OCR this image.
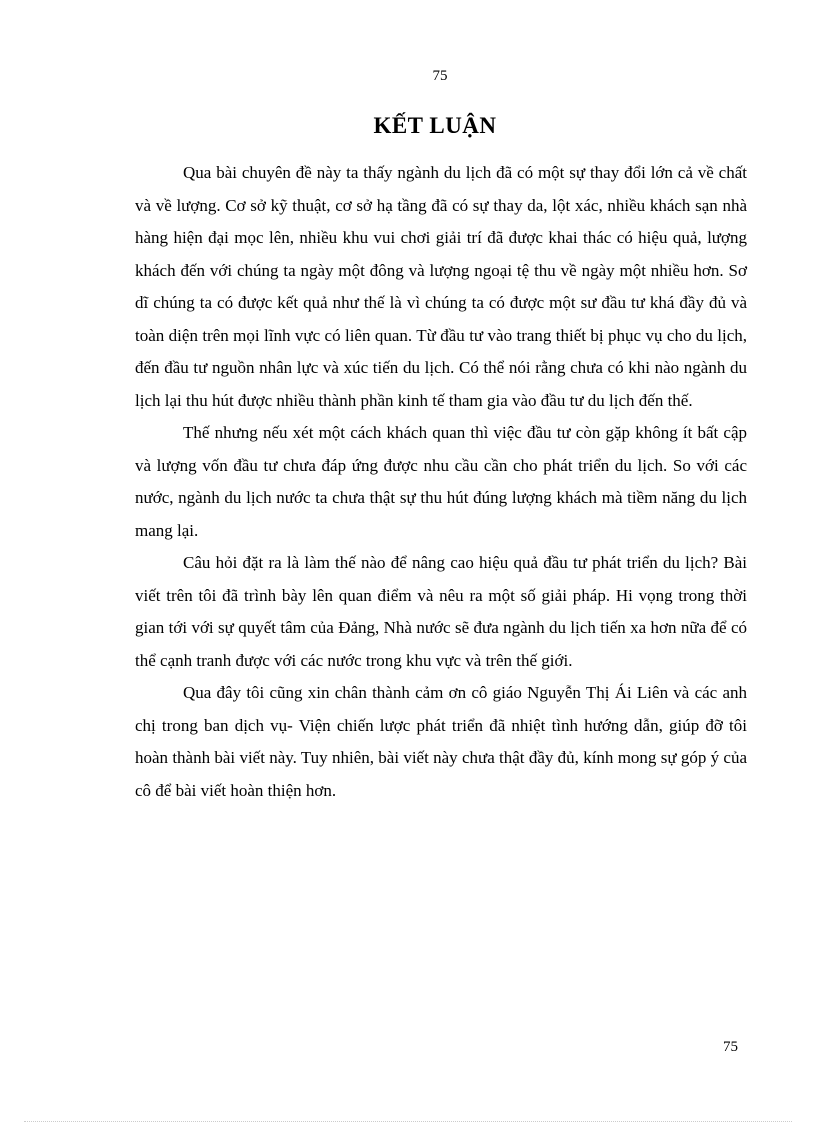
75
KẾT LUẬN

Qua bài chuyên đề này ta thấy ngành du lịch đã có một sự thay đổi lớn cả về chất và về lượng. Cơ sở kỹ thuật, cơ sở hạ tầng đã có sự thay da, lột xác, nhiều khách sạn nhà hàng hiện đại mọc lên, nhiều khu vui chơi giải trí đã được khai thác có hiệu quả, lượng khách đến với chúng ta ngày một đông và lượng ngoại tệ thu về ngày một nhiều hơn. Sơ dĩ chúng ta có được kết quả như thế là vì chúng ta có được một sư đầu tư khá đầy đủ và toàn diện trên mọi lĩnh vực có liên quan. Từ đầu tư vào trang thiết bị phục vụ cho du lịch, đến đầu tư nguồn nhân lực và xúc tiến du lịch. Có thể nói rằng chưa có khi nào ngành du lịch lại thu hút được nhiều thành phần kinh tế tham gia vào đầu tư du lịch đến thế.

Thế nhưng nếu xét một cách khách quan thì việc đầu tư còn gặp không ít bất cập và lượng vốn đầu tư chưa đáp ứng được nhu cầu cần cho phát triển du lịch. So với các nước, ngành du lịch nước ta chưa thật sự thu hút đúng lượng khách mà tiềm năng du lịch mang lại.

Câu hỏi đặt ra là làm thế nào để nâng cao hiệu quả đầu tư phát triển du lịch? Bài viết trên tôi đã trình bày lên quan điểm và nêu ra một số giải pháp. Hi vọng trong thời gian tới với sự quyết tâm của Đảng, Nhà nước sẽ đưa ngành du lịch tiến xa hơn nữa để có thể cạnh tranh được với các nước trong khu vực và trên thế giới.

Qua đây tôi cũng xin chân thành cảm ơn cô giáo Nguyễn Thị Ái Liên và các anh chị trong ban dịch vụ- Viện chiến lược phát triển đã nhiệt tình hướng dẫn, giúp đỡ tôi hoàn thành bài viết này. Tuy nhiên, bài viết này chưa thật đầy đủ, kính mong sự góp ý của cô để bài viết hoàn thiện hơn.

75
